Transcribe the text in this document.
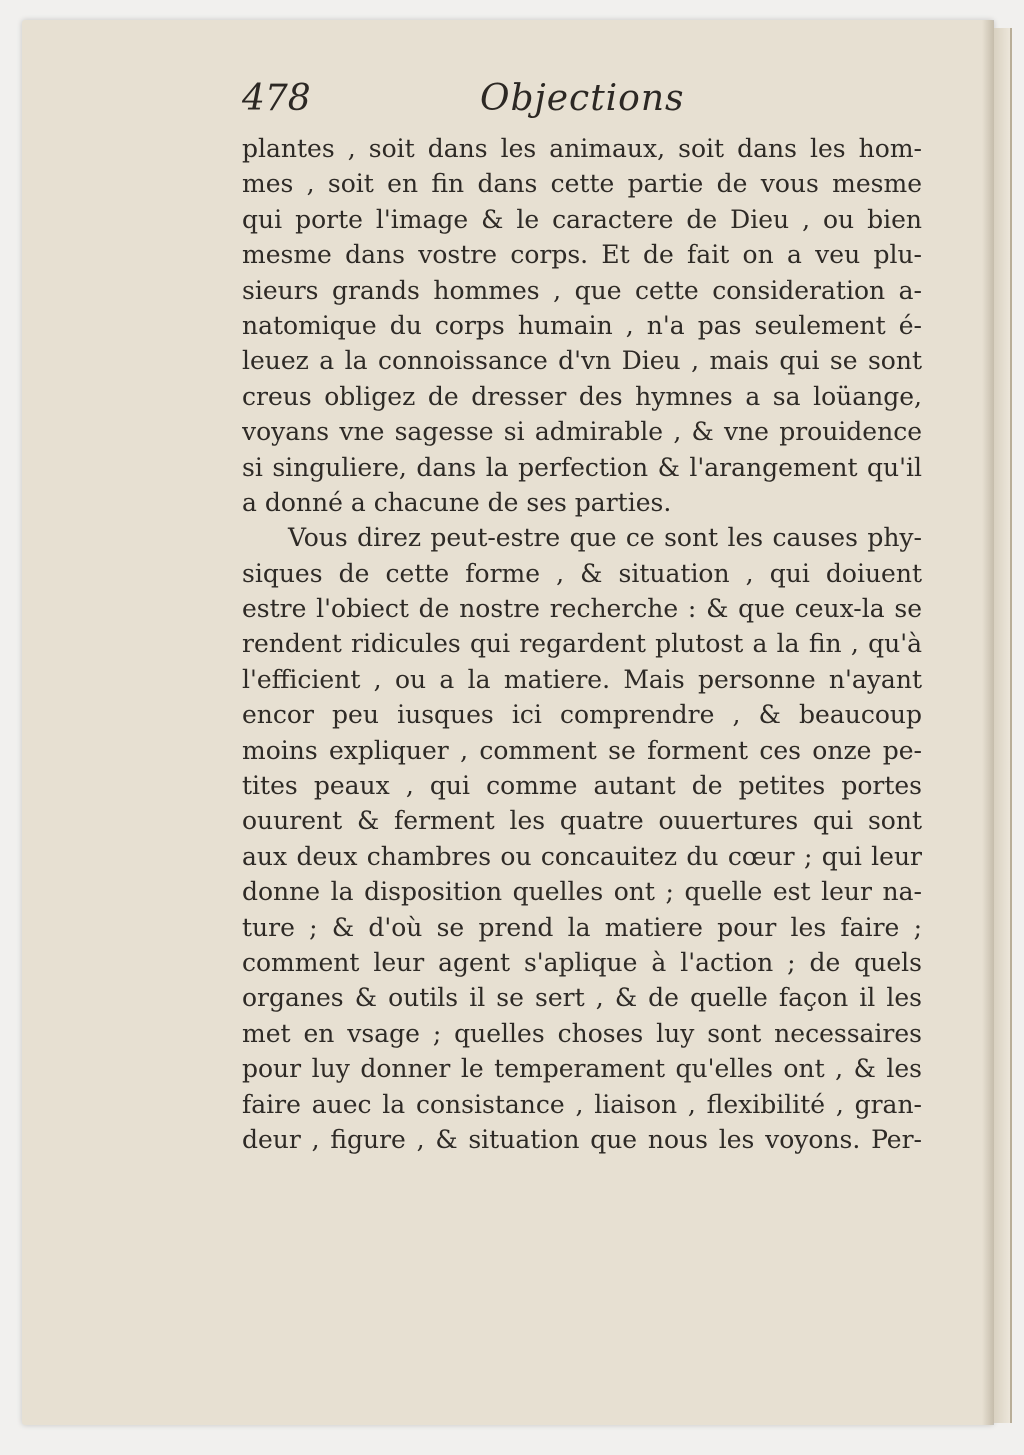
478	Objections
plantes , soit dans les animaux, soit dans les hom-
mes , soit en fin dans cette partie de vous mesme
qui porte l'image & le caractere de Dieu , ou bien
mesme dans vostre corps. Et de fait on a veu plu-
sieurs grands hommes , que cette consideration a-
natomique du corps humain , n'a pas seulement é-
leuez a la connoissance d'vn Dieu , mais qui se sont
creus obligez de dresser des hymnes a sa loüange,
voyans vne sagesse si admirable , & vne prouidence
si singuliere, dans la perfection & l'arangement qu'il
a donné a chacune de ses parties.
Vous direz peut-estre que ce sont les causes phy-
siques de cette forme , & situation , qui doiuent
estre l'obiect de nostre recherche : & que ceux-la se
rendent ridicules qui regardent plutost a la fin , qu'à
l'efficient , ou a la matiere. Mais personne n'ayant
encor peu iusques ici comprendre , & beaucoup
moins expliquer , comment se forment ces onze pe-
tites peaux , qui comme autant de petites portes
ouurent & ferment les quatre ouuertures qui sont
aux deux chambres ou concauitez du cœur ; qui leur
donne la disposition quelles ont ; quelle est leur na-
ture ; & d'où se prend la matiere pour les faire ;
comment leur agent s'aplique à l'action ; de quels
organes & outils il se sert , & de quelle façon il les
met en vsage ; quelles choses luy sont necessaires
pour luy donner le temperament qu'elles ont , & les
faire auec la consistance , liaison , flexibilité , gran-
deur , figure , & situation que nous les voyons. Per-
